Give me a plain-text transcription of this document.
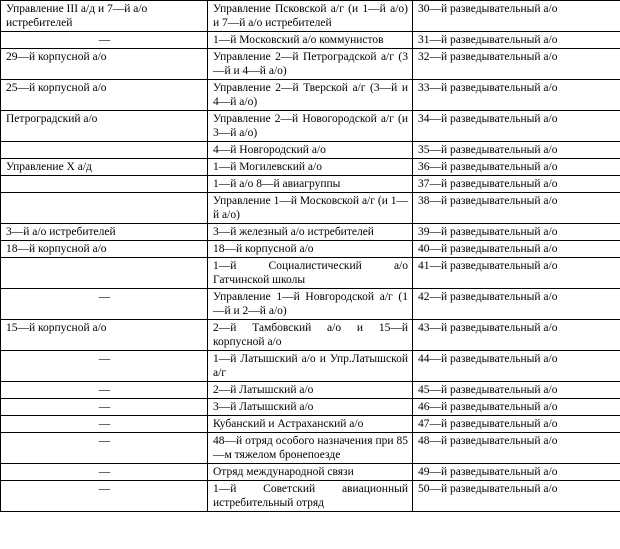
Управление III а/д и 7—й а/о истребителей	Управление Псковской а/г (и 1—й а/о) и 7—й а/о истребителей	30—й разведывательный а/о
—	1—й Московский а/о коммунистов	31—й разведывательный а/о
29—й корпусной а/о	Управление 2—й Петроградской а/г (3—й и 4—й а/о)	32—й разведывательный а/о
25—й корпусной а/о	Управление 2—й Тверской а/г (3—й и 4—й а/о)	33—й разведывательный а/о
Петроградский а/о	Управление 2—й Новогородской а/г (и 3—й а/о)	34—й разведывательный а/о
	4—й Новгородский а/о	35—й разведывательный а/о
Управление X а/д	1—й Могилевский а/о	36—й разведывательный а/о
	1—й а/о 8—й авиагруппы	37—й разведывательный а/о
	Управление 1—й Московской а/г (и 1—й а/о)	38—й разведывательный а/о
3—й а/о истребителей	3—й железный а/о истребителей	39—й разведывательный а/о
18—й корпусной а/о	18—й корпусной а/о	40—й разведывательный а/о
	1—й Социалистический а/о Гатчинской школы	41—й разведывательный а/о
—	Управление 1—й Новгородской а/г (1—й и 2—й а/о)	42—й разведывательный а/о
15—й корпусной а/о	2—й Тамбовский а/о и 15—й корпусной а/о	43—й разведывательный а/о
—	1—й Латышский а/о и Упр.Латышской а/г	44—й разведывательный а/о
—	2—й Латышский а/о	45—й разведывательный а/о
—	3—й Латышский а/о	46—й разведывательный а/о
—	Кубанский и Астраханский а/о	47—й разведывательный а/о
—	48—й отряд особого назначения при 85—м тяжелом бронепоезде	48—й разведывательный а/о
—	Отряд международной связи	49—й разведывательный а/о
—	1—й Советский авиационный истребительный отряд	50—й разведывательный а/о
